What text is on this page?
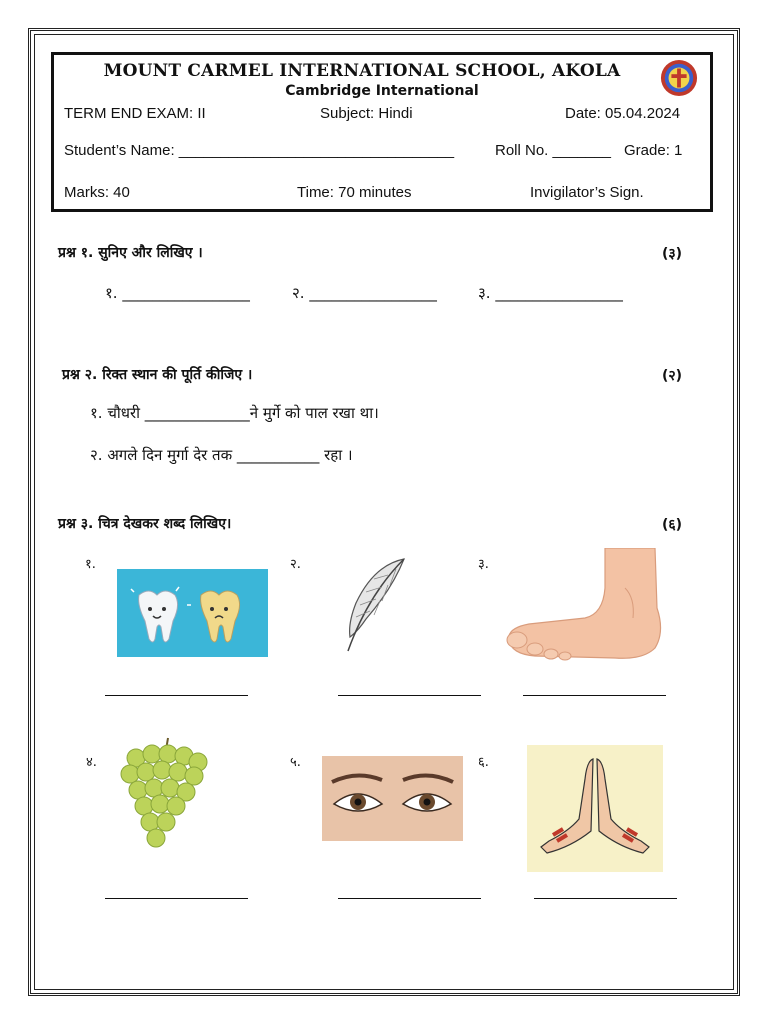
MOUNT CARMEL INTERNATIONAL SCHOOL, AKOLA
Cambridge International
TERM END EXAM: II	Subject: Hindi	Date: 05.04.2024
Student’s Name: _________________________________	Roll No. _______ Grade: 1
Marks: 40	Time: 70 minutes	Invigilator’s Sign.
प्रश्न १. सुनिए और लिखिए ।	(३)
१. _________________	२. _________________	३. _________________
प्रश्न २. रिक्त स्थान की पूर्ति कीजिए ।	(२)
१. चौधरी ______________ने मुर्गे को पाल रखा था।
२. अगले दिन मुर्गा देर तक ___________ रहा ।
प्रश्न ३. चित्र देखकर शब्द लिखिए।	(६)
१.	२.	३.
४.	५.	६.
